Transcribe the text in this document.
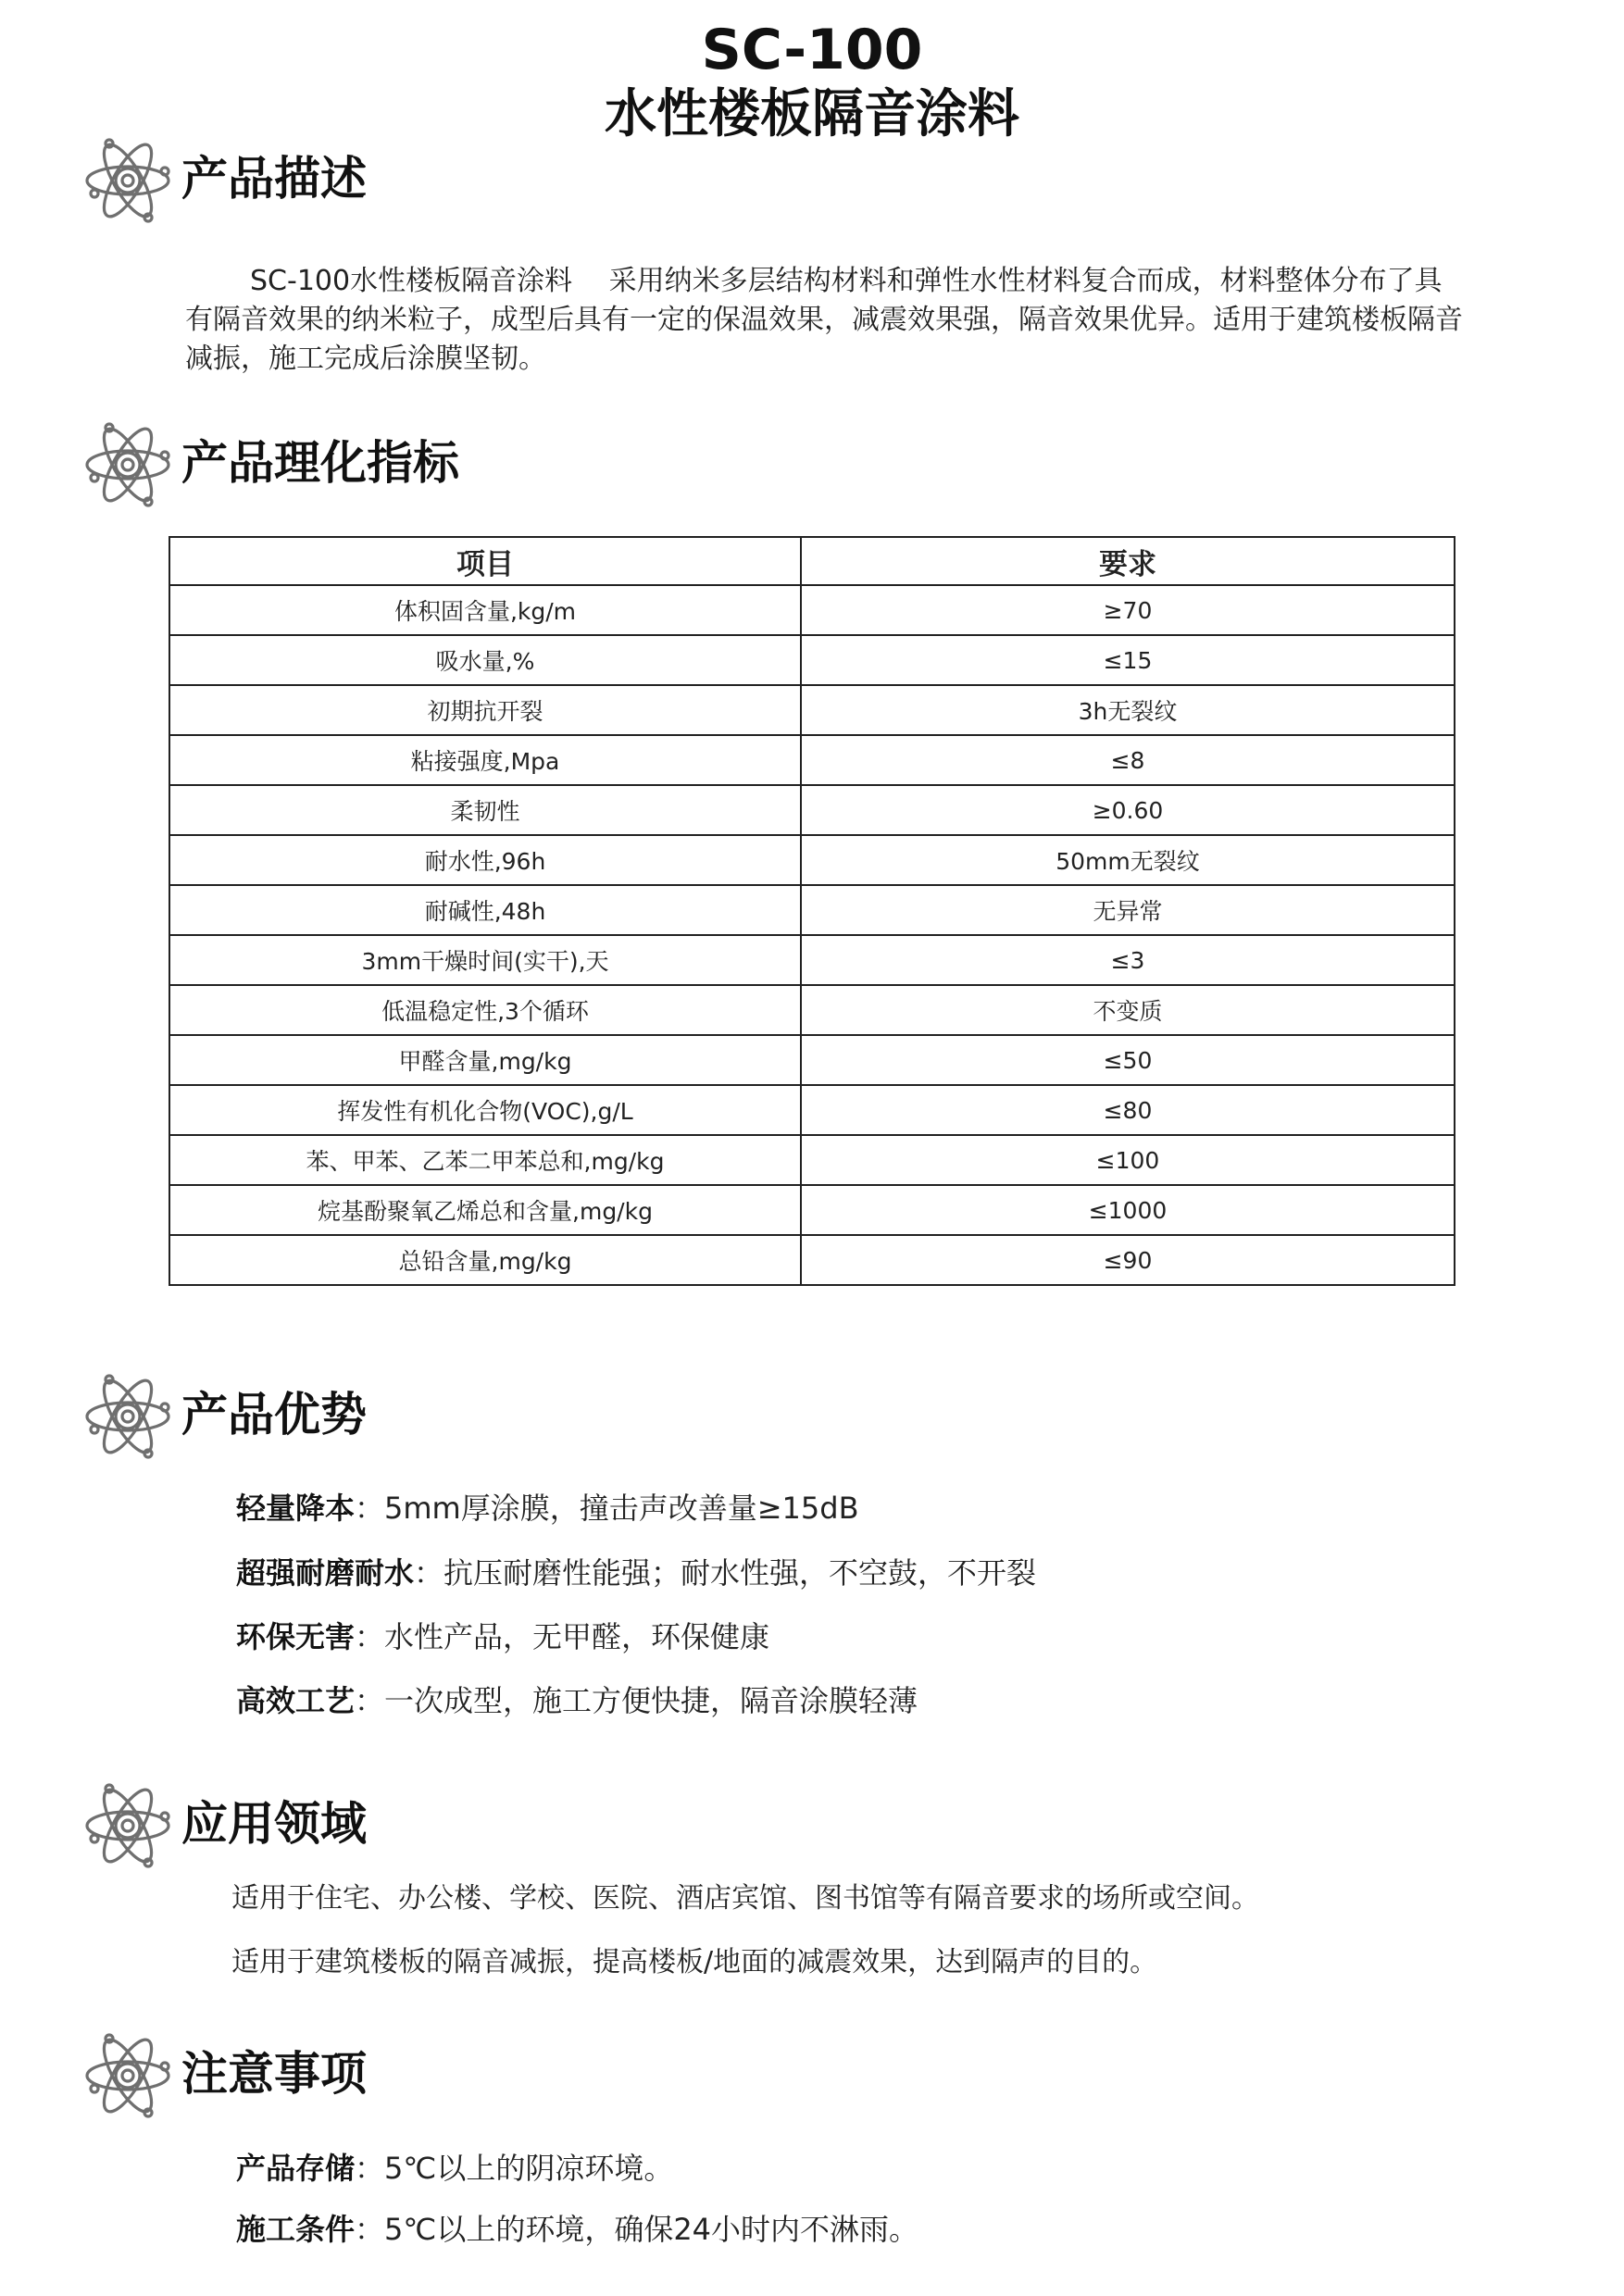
SC-100
水性楼板隔音涂料
产品描述
SC-100水性楼板隔音涂料　 采用纳米多层结构材料和弹性水性材料复合而成，材料整体分布了具有隔音效果的纳米粒子，成型后具有一定的保温效果，减震效果强，隔音效果优异。适用于建筑楼板隔音减振，施工完成后涂膜坚韧。
产品理化指标
项目	要求
体积固含量,kg/m	≥70
吸水量,%	≤15
初期抗开裂	3h无裂纹
粘接强度,Mpa	≤8
柔韧性	≥0.60
耐水性,96h	50mm无裂纹
耐碱性,48h	无异常
3mm干燥时间(实干),天	≤3
低温稳定性,3个循环	不变质
甲醛含量,mg/kg	≤50
挥发性有机化合物(VOC),g/L	≤80
苯、甲苯、乙苯二甲苯总和,mg/kg	≤100
烷基酚聚氧乙烯总和含量,mg/kg	≤1000
总铅含量,mg/kg	≤90
产品优势
轻量降本：5mm厚涂膜，撞击声改善量≥15dB
超强耐磨耐水：抗压耐磨性能强；耐水性强，不空鼓，不开裂
环保无害：水性产品，无甲醛，环保健康
高效工艺：一次成型，施工方便快捷，隔音涂膜轻薄
应用领域
适用于住宅、办公楼、学校、医院、酒店宾馆、图书馆等有隔音要求的场所或空间。
适用于建筑楼板的隔音减振，提高楼板/地面的减震效果，达到隔声的目的。
注意事项
产品存储：5℃以上的阴凉环境。
施工条件：5℃以上的环境，确保24小时内不淋雨。
